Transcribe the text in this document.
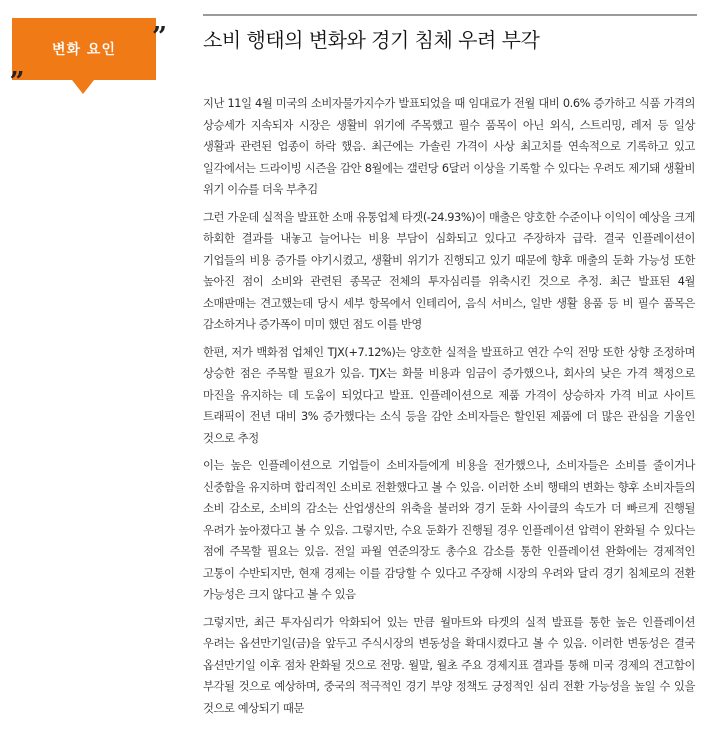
변화 요인
„
” 소비 행태의 변화와 경기 침체 우려 부각

지난 11일 4월 미국의 소비자물가지수가 발표되었을 때 임대료가 전월 대비 0.6% 증가하고 식품 가격의 상승세가 지속되자 시장은 생활비 위기에 주목했고 필수 품목이 아닌 외식, 스트리밍, 레저 등 일상 생활과 관련된 업종이 하락 했음. 최근에는 가솔린 가격이 사상 최고치를 연속적으로 기록하고 있고 일각에서는 드라이빙 시즌을 감안 8월에는 갤런당 6달러 이상을 기록할 수 있다는 우려도 제기돼 생활비 위기 이슈를 더욱 부추김

그런 가운데 실적을 발표한 소매 유통업체 타겟(-24.93%)이 매출은 양호한 수준이나 이익이 예상을 크게 하회한 결과를 내놓고 늘어나는 비용 부담이 심화되고 있다고 주장하자 급락. 결국 인플레이션이 기업들의 비용 증가를 야기시켰고, 생활비 위기가 진행되고 있기 때문에 향후 매출의 둔화 가능성 또한 높아진 점이 소비와 관련된 종목군 전체의 투자심리를 위축시킨 것으로 추정. 최근 발표된 4월 소매판매는 견고했는데 당시 세부 항목에서 인테리어, 음식 서비스, 일반 생활 용품 등 비 필수 품목은 감소하거나 증가폭이 미미 했던 점도 이를 반영

한편, 저가 백화점 업체인 TJX(+7.12%)는 양호한 실적을 발표하고 연간 수익 전망 또한 상향 조정하며 상승한 점은 주목할 필요가 있음. TJX는 화물 비용과 임금이 증가했으나, 회사의 낮은 가격 책정으로 마진을 유지하는 데 도움이 되었다고 발표. 인플레이션으로 제품 가격이 상승하자 가격 비교 사이트 트래픽이 전년 대비 3% 증가했다는 소식 등을 감안 소비자들은 할인된 제품에 더 많은 관심을 기울인 것으로 추정

이는 높은 인플레이션으로 기업들이 소비자들에게 비용을 전가했으나, 소비자들은 소비를 줄이거나 신중함을 유지하며 합리적인 소비로 전환했다고 볼 수 있음. 이러한 소비 행태의 변화는 향후 소비자들의 소비 감소로, 소비의 감소는 산업생산의 위축을 불러와 경기 둔화 사이클의 속도가 더 빠르게 진행될 우려가 높아졌다고 볼 수 있음. 그렇지만, 수요 둔화가 진행될 경우 인플레이션 압력이 완화될 수 있다는 점에 주목할 필요는 있음. 전일 파월 연준의장도 총수요 감소를 통한 인플레이션 완화에는 경제적인 고통이 수반되지만, 현재 경제는 이를 감당할 수 있다고 주장해 시장의 우려와 달리 경기 침체로의 전환 가능성은 크지 않다고 볼 수 있음

그렇지만, 최근 투자심리가 악화되어 있는 만큼 월마트와 타겟의 실적 발표를 통한 높은 인플레이션 우려는 옵션만기일(금)을 앞두고 주식시장의 변동성을 확대시켰다고 볼 수 있음. 이러한 변동성은 결국 옵션만기일 이후 점차 완화될 것으로 전망. 월말, 월초 주요 경제지표 결과를 통해 미국 경제의 견고함이 부각될 것으로 예상하며, 중국의 적극적인 경기 부양 정책도 긍정적인 심리 전환 가능성을 높일 수 있을 것으로 예상되기 때문
